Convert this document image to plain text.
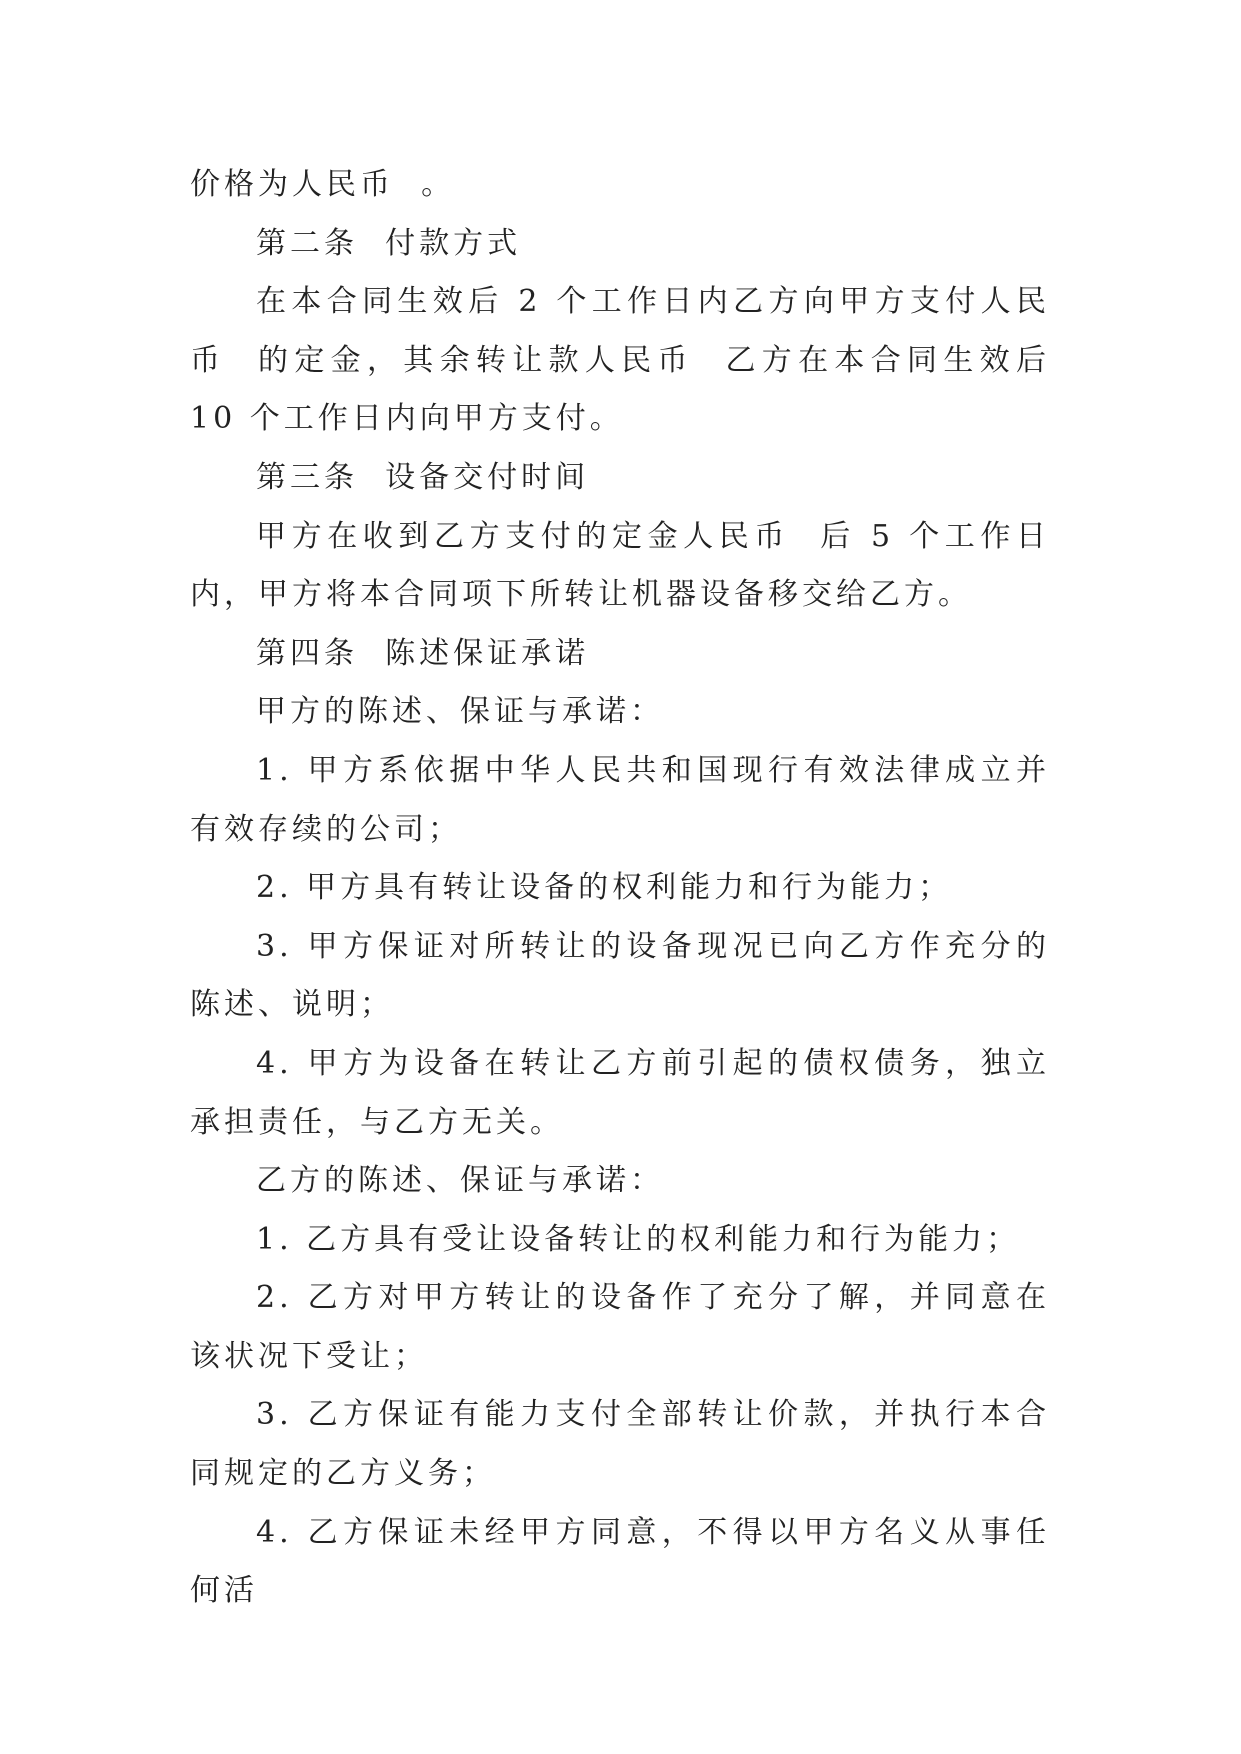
价格为人民币  。

第二条  付款方式

在本合同生效后 2 个工作日内乙方向甲方支付人民币  的定金，其余转让款人民币  乙方在本合同生效后 10 个工作日内向甲方支付。

第三条  设备交付时间

甲方在收到乙方支付的定金人民币  后 5 个工作日内，甲方将本合同项下所转让机器设备移交给乙方。

第四条  陈述保证承诺

甲方的陈述、保证与承诺：

1. 甲方系依据中华人民共和国现行有效法律成立并有效存续的公司；

2. 甲方具有转让设备的权利能力和行为能力；

3. 甲方保证对所转让的设备现况已向乙方作充分的陈述、说明；

4. 甲方为设备在转让乙方前引起的债权债务，独立承担责任，与乙方无关。

乙方的陈述、保证与承诺：

1. 乙方具有受让设备转让的权利能力和行为能力；

2. 乙方对甲方转让的设备作了充分了解，并同意在该状况下受让；

3. 乙方保证有能力支付全部转让价款，并执行本合同规定的乙方义务；

4. 乙方保证未经甲方同意，不得以甲方名义从事任何活
